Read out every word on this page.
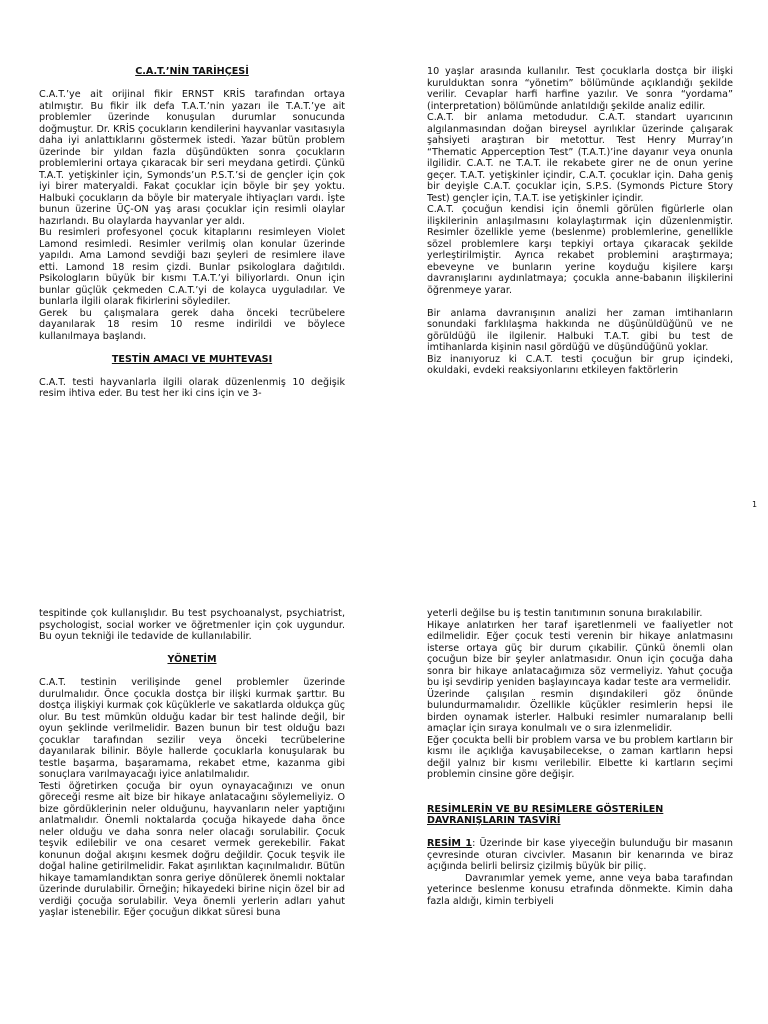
C.A.T.’NİN TARİHÇESİ

C.A.T.’ye ait orijinal fikir ERNST KRİS tarafından ortaya atılmıştır. Bu fikir ilk defa T.A.T.’nin yazarı ile T.A.T.’ye ait problemler üzerinde konuşulan durumlar sonucunda doğmuştur. Dr. KRİS çocukların kendilerini hayvanlar vasıtasıyla daha iyi anlattıklarını göstermek istedi. Yazar bütün problem üzerinde bir yıldan fazla düşündükten sonra çocukların problemlerini ortaya çıkaracak bir seri meydana getirdi. Çünkü T.A.T. yetişkinler için, Symonds’un P.S.T.’si de gençler için çok iyi birer materyaldi. Fakat çocuklar için böyle bir şey yoktu. Halbuki çocukların da böyle bir materyale ihtiyaçları vardı. İşte bunun üzerine ÜÇ-ON yaş arası çocuklar için resimli olaylar hazırlandı. Bu olaylarda hayvanlar yer aldı.

Bu resimleri profesyonel çocuk kitaplarını resimleyen Violet Lamond resimledi. Resimler verilmiş olan konular üzerinde yapıldı. Ama Lamond sevdiği bazı şeyleri de resimlere ilave etti. Lamond 18 resim çizdi. Bunlar psikologlara dağıtıldı. Psikologların büyük bir kısmı T.A.T.’yi biliyorlardı. Onun için bunlar güçlük çekmeden C.A.T.’yi de kolayca uyguladılar. Ve bunlarla ilgili olarak fikirlerini söylediler.

Gerek bu çalışmalara gerek daha önceki tecrübelere dayanılarak 18 resim 10 resme indirildi ve böylece kullanılmaya başlandı.

TESTİN AMACI VE MUHTEVASI

C.A.T. testi hayvanlarla ilgili olarak düzenlenmiş 10 değişik resim ihtiva eder. Bu test her iki cins için ve 3-

10 yaşlar arasında kullanılır. Test çocuklarla dostça bir ilişki kurulduktan sonra “yönetim” bölümünde açıklandığı şekilde verilir. Cevaplar harfi harfine yazılır. Ve sonra “yordama” (interpretation) bölümünde anlatıldığı şekilde analiz edilir.

C.A.T. bir anlama metodudur. C.A.T. standart uyarıcının algılanmasından doğan bireysel ayrılıklar üzerinde çalışarak şahsiyeti araştıran bir metottur. Test Henry Murray’ın “Thematic Apperception Test” (T.A.T.)’ine dayanır veya onunla ilgilidir. C.A.T. ne T.A.T. ile rekabete girer ne de onun yerine geçer. T.A.T. yetişkinler içindir, C.A.T. çocuklar için. Daha geniş bir deyişle C.A.T. çocuklar için, S.P.S. (Symonds Picture Story Test) gençler için, T.A.T. ise yetişkinler içindir.

C.A.T. çocuğun kendisi için önemli görülen figürlerle olan ilişkilerinin anlaşılmasını kolaylaştırmak için düzenlenmiştir. Resimler özellikle yeme (beslenme) problemlerine, genellikle sözel problemlere karşı tepkiyi ortaya çıkaracak şekilde yerleştirilmiştir. Ayrıca rekabet problemini araştırmaya; ebeveyne ve bunların yerine koyduğu kişilere karşı davranışlarını aydınlatmaya; çocukla anne-babanın ilişkilerini öğrenmeye yarar.

Bir anlama davranışının analizi her zaman imtihanların sonundaki farklılaşma hakkında ne düşünüldüğünü ve ne görüldüğü ile ilgilenir. Halbuki T.A.T. gibi bu test de imtihanlarda kişinin nasıl gördüğü ve düşündüğünü yoklar.

Biz inanıyoruz ki C.A.T. testi çocuğun bir grup içindeki, okuldaki, evdeki reaksiyonlarını etkileyen faktörlerin

1

tespitinde çok kullanışlıdır. Bu test psychoanalyst, psychiatrist, psychologist, social worker ve öğretmenler için çok uygundur. Bu oyun tekniği ile tedavide de kullanılabilir.

YÖNETİM

C.A.T. testinin verilişinde genel problemler üzerinde durulmalıdır. Önce çocukla dostça bir ilişki kurmak şarttır. Bu dostça ilişkiyi kurmak çok küçüklerle ve sakatlarda oldukça güç olur. Bu test mümkün olduğu kadar bir test halinde değil, bir oyun şeklinde verilmelidir. Bazen bunun bir test olduğu bazı çocuklar tarafından sezilir veya önceki tecrübelerine dayanılarak bilinir. Böyle hallerde çocuklarla konuşularak bu testle başarma, başaramama, rekabet etme, kazanma gibi sonuçlara varılmayacağı iyice anlatılmalıdır.

Testi öğretirken çocuğa bir oyun oynayacağınızı ve onun göreceği resme ait bize bir hikaye anlatacağını söylemeliyiz. O bize gördüklerinin neler olduğunu, hayvanların neler yaptığını anlatmalıdır. Önemli noktalarda çocuğa hikayede daha önce neler olduğu ve daha sonra neler olacağı sorulabilir. Çocuk teşvik edilebilir ve ona cesaret vermek gerekebilir. Fakat konunun doğal akışını kesmek doğru değildir. Çocuk teşvik ile doğal haline getirilmelidir. Fakat aşırılıktan kaçınılmalıdır. Bütün hikaye tamamlandıktan sonra geriye dönülerek önemli noktalar üzerinde durulabilir. Örneğin; hikayedeki birine niçin özel bir ad verdiği çocuğa sorulabilir. Veya önemli yerlerin adları yahut yaşlar istenebilir. Eğer çocuğun dikkat süresi buna

yeterli değilse bu iş testin tanıtımının sonuna bırakılabilir.

Hikaye anlatırken her taraf işaretlenmeli ve faaliyetler not edilmelidir. Eğer çocuk testi verenin bir hikaye anlatmasını isterse ortaya güç bir durum çıkabilir. Çünkü önemli olan çocuğun bize bir şeyler anlatmasıdır. Onun için çocuğa daha sonra bir hikaye anlatacağımıza söz vermeliyiz. Yahut çocuğa bu işi sevdirip yeniden başlayıncaya kadar teste ara vermelidir.

Üzerinde çalışılan resmin dışındakileri göz önünde bulundurmamalıdır. Özellikle küçükler resimlerin hepsi ile birden oynamak isterler. Halbuki resimler numaralanıp belli amaçlar için sıraya konulmalı ve o sıra izlenmelidir.

Eğer çocukta belli bir problem varsa ve bu problem kartların bir kısmı ile açıklığa kavuşabilecekse, o zaman kartların hepsi değil yalnız bir kısmı verilebilir. Elbette ki kartların seçimi problemin cinsine göre değişir.

RESİMLERİN VE BU RESİMLERE GÖSTERİLEN DAVRANIŞLARIN TASVİRİ

RESİM 1: Üzerinde bir kase yiyeceğin bulunduğu bir masanın çevresinde oturan civcivler. Masanın bir kenarında ve biraz açığında belirli belirsiz çizilmiş büyük bir piliç.

Davranımlar yemek yeme, anne veya baba tarafından yeterince beslenme konusu etrafında dönmekte. Kimin daha fazla aldığı, kimin terbiyeli
